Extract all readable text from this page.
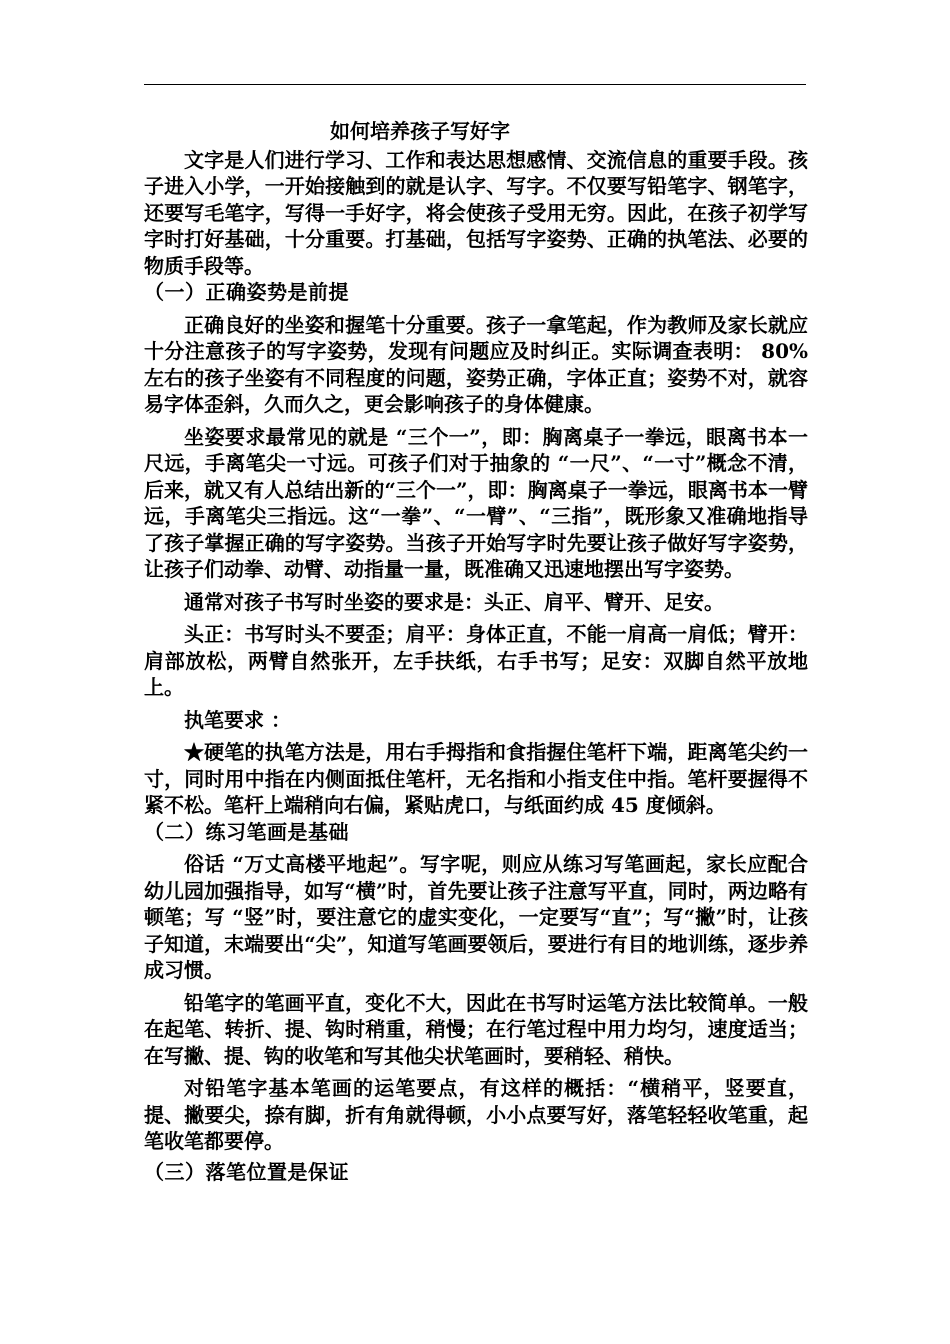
如何培养孩子写好字

文字是人们进行学习、工作和表达思想感情、交流信息的重要手段。孩子进入小学，一开始接触到的就是认字、写字。不仅要写铅笔字、钢笔字，还要写毛笔字，写得一手好字，将会使孩子受用无穷。因此，在孩子初学写字时打好基础，十分重要。打基础，包括写字姿势、正确的执笔法、必要的物质手段等。

（一）正确姿势是前提

正确良好的坐姿和握笔十分重要。孩子一拿笔起，作为教师及家长就应十分注意孩子的写字姿势，发现有问题应及时纠正。实际调查表明： 80%左右的孩子坐姿有不同程度的问题，姿势正确，字体正直；姿势不对，就容易字体歪斜，久而久之，更会影响孩子的身体健康。

坐姿要求最常见的就是 “三个一”，即：胸离桌子一拳远，眼离书本一尺远，手离笔尖一寸远。可孩子们对于抽象的 “一尺”、“一寸”概念不清，后来，就又有人总结出新的“三个一”，即：胸离桌子一拳远，眼离书本一臂远，手离笔尖三指远。这“一拳”、“一臂”、“三指”，既形象又准确地指导了孩子掌握正确的写字姿势。当孩子开始写字时先要让孩子做好写字姿势，让孩子们动拳、动臂、动指量一量，既准确又迅速地摆出写字姿势。

通常对孩子书写时坐姿的要求是：头正、肩平、臂开、足安。

头正：书写时头不要歪；肩平：身体正直，不能一肩高一肩低；臂开：肩部放松，两臂自然张开，左手扶纸，右手书写；足安：双脚自然平放地上。

执笔要求 ：

★硬笔的执笔方法是，用右手拇指和食指握住笔杆下端，距离笔尖约一寸，同时用中指在内侧面抵住笔杆，无名指和小指支住中指。笔杆要握得不紧不松。笔杆上端稍向右偏，紧贴虎口，与纸面约成 45 度倾斜。

（二）练习笔画是基础

俗话 “万丈高楼平地起”。写字呢，则应从练习写笔画起，家长应配合幼儿园加强指导，如写“横”时，首先要让孩子注意写平直，同时，两边略有顿笔；写 “竖”时，要注意它的虚实变化，一定要写“直”；写“撇”时，让孩子知道，末端要出“尖”，知道写笔画要领后，要进行有目的地训练，逐步养成习惯。

铅笔字的笔画平直，变化不大，因此在书写时运笔方法比较简单。一般在起笔、转折、提、钩时稍重，稍慢；在行笔过程中用力均匀，速度适当；在写撇、提、钩的收笔和写其他尖状笔画时，要稍轻、稍快。

对铅笔字基本笔画的运笔要点，有这样的概括：“横稍平，竖要直，提、撇要尖，捺有脚，折有角就得顿，小小点要写好，落笔轻轻收笔重，起笔收笔都要停。

（三）落笔位置是保证
